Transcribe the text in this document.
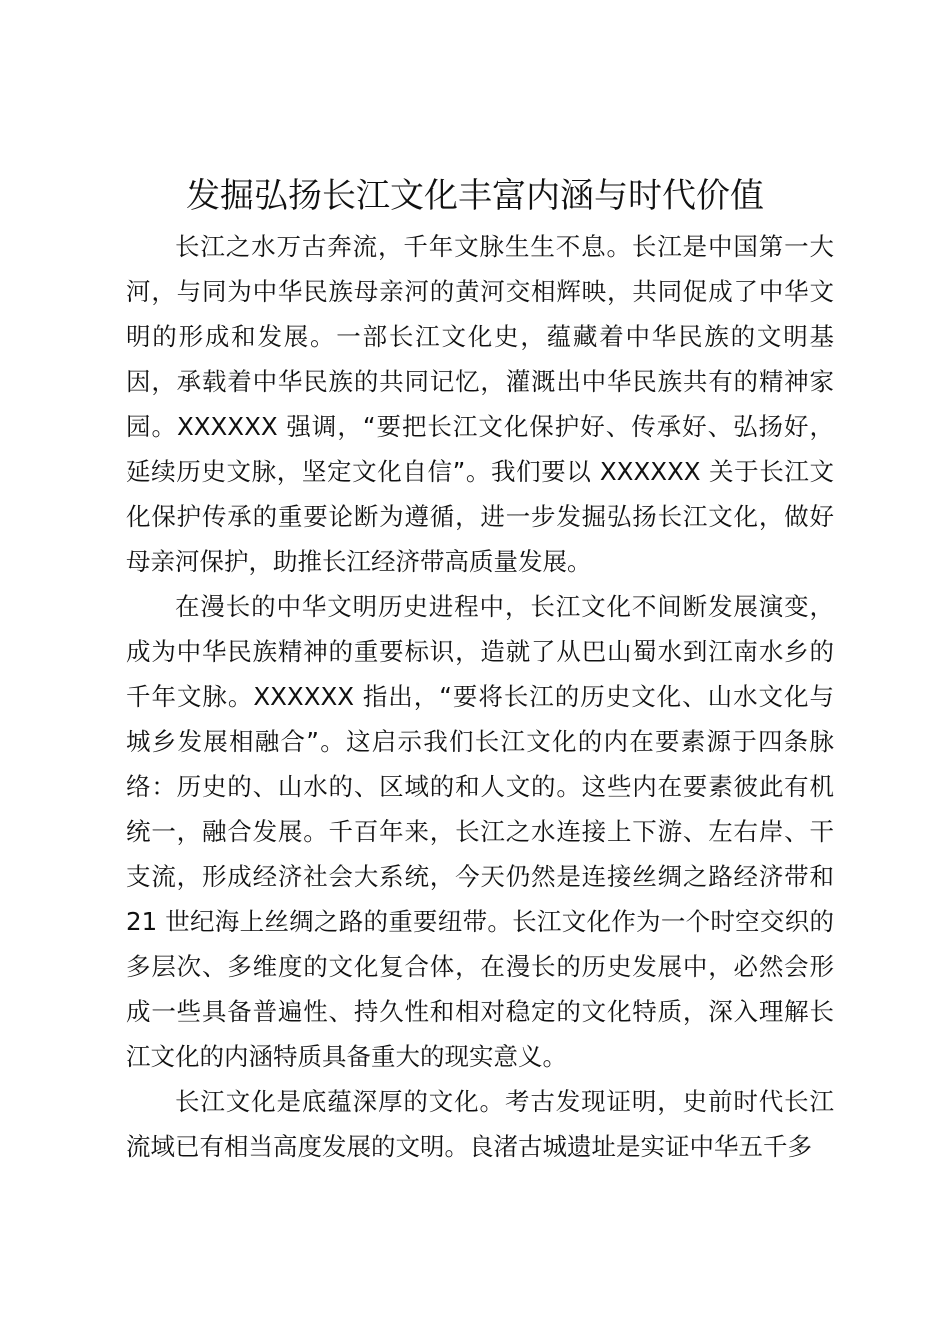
发掘弘扬长江文化丰富内涵与时代价值

长江之水万古奔流，千年文脉生生不息。长江是中国第一大河，与同为中华民族母亲河的黄河交相辉映，共同促成了中华文明的形成和发展。一部长江文化史，蕴藏着中华民族的文明基因，承载着中华民族的共同记忆，灌溉出中华民族共有的精神家园。XXXXXX 强调，“要把长江文化保护好、传承好、弘扬好，延续历史文脉，坚定文化自信”。我们要以 XXXXXX 关于长江文化保护传承的重要论断为遵循，进一步发掘弘扬长江文化，做好母亲河保护，助推长江经济带高质量发展。

在漫长的中华文明历史进程中，长江文化不间断发展演变，成为中华民族精神的重要标识，造就了从巴山蜀水到江南水乡的千年文脉。XXXXXX 指出，“要将长江的历史文化、山水文化与城乡发展相融合”。这启示我们长江文化的内在要素源于四条脉络：历史的、山水的、区域的和人文的。这些内在要素彼此有机统一，融合发展。千百年来，长江之水连接上下游、左右岸、干支流，形成经济社会大系统，今天仍然是连接丝绸之路经济带和 21 世纪海上丝绸之路的重要纽带。长江文化作为一个时空交织的多层次、多维度的文化复合体，在漫长的历史发展中，必然会形成一些具备普遍性、持久性和相对稳定的文化特质，深入理解长江文化的内涵特质具备重大的现实意义。

长江文化是底蕴深厚的文化。考古发现证明，史前时代长江流域已有相当高度发展的文明。良渚古城遗址是实证中华五千多
